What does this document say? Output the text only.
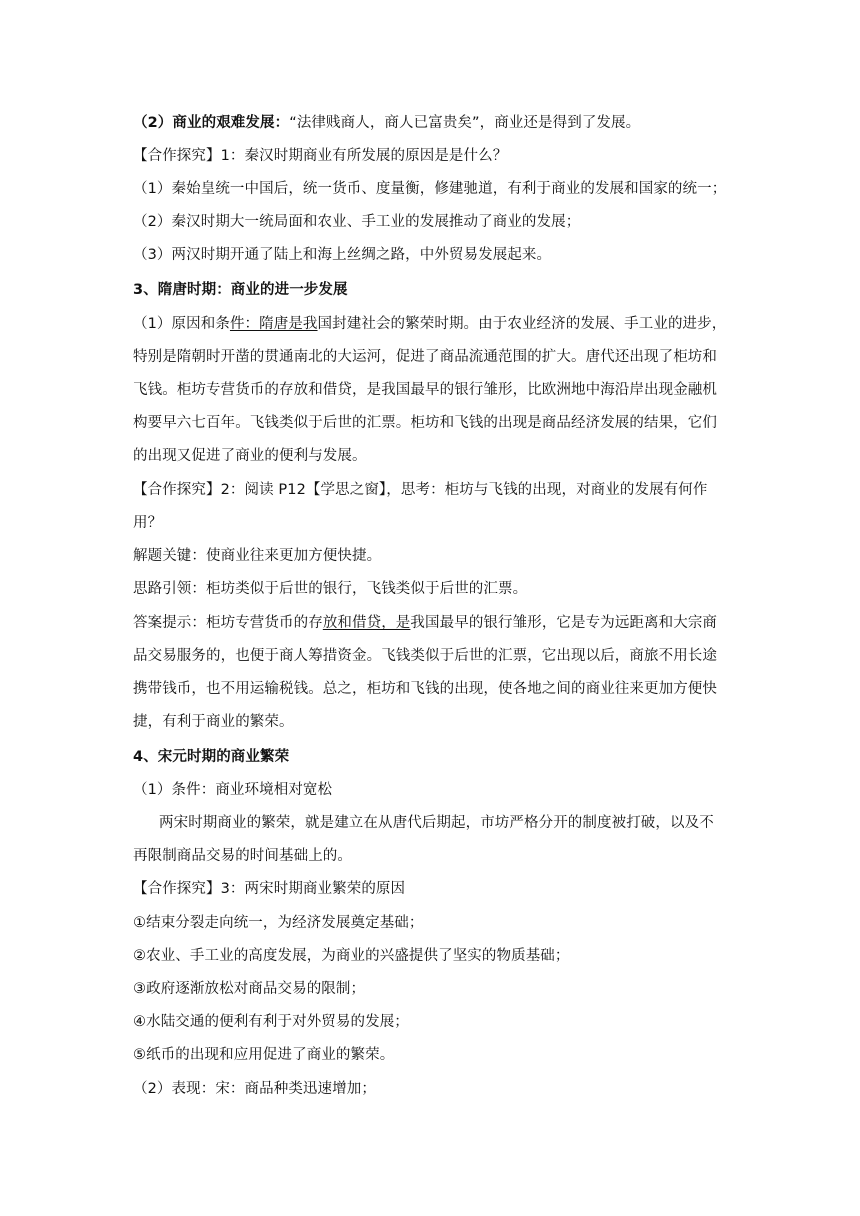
（2）商业的艰难发展：“法律贱商人，商人已富贵矣”，商业还是得到了发展。
【合作探究】1：秦汉时期商业有所发展的原因是是什么？
（1）秦始皇统一中国后，统一货币、度量衡，修建驰道，有利于商业的发展和国家的统一；
（2）秦汉时期大一统局面和农业、手工业的发展推动了商业的发展；
（3）两汉时期开通了陆上和海上丝绸之路，中外贸易发展起来。
3、隋唐时期：商业的进一步发展
（1）原因和条件：隋唐是我国封建社会的繁荣时期。由于农业经济的发展、手工业的进步，
特别是隋朝时开凿的贯通南北的大运河，促进了商品流通范围的扩大。唐代还出现了柜坊和
飞钱。柜坊专营货币的存放和借贷，是我国最早的银行雏形，比欧洲地中海沿岸出现金融机
构要早六七百年。飞钱类似于后世的汇票。柜坊和飞钱的出现是商品经济发展的结果，它们
的出现又促进了商业的便利与发展。
【合作探究】2：阅读 P12【学思之窗】，思考：柜坊与飞钱的出现，对商业的发展有何作
用？
解题关键：使商业往来更加方便快捷。
思路引领：柜坊类似于后世的银行，飞钱类似于后世的汇票。
答案提示：柜坊专营货币的存放和借贷，是我国最早的银行雏形，它是专为远距离和大宗商
品交易服务的，也便于商人筹措资金。飞钱类似于后世的汇票，它出现以后，商旅不用长途
携带钱币，也不用运输税钱。总之，柜坊和飞钱的出现，使各地之间的商业往来更加方便快
捷，有利于商业的繁荣。
4、宋元时期的商业繁荣
（1）条件：商业环境相对宽松
两宋时期商业的繁荣，就是建立在从唐代后期起，市坊严格分开的制度被打破，以及不
再限制商品交易的时间基础上的。
【合作探究】3：两宋时期商业繁荣的原因
①结束分裂走向统一，为经济发展奠定基础；
②农业、手工业的高度发展，为商业的兴盛提供了坚实的物质基础；
③政府逐渐放松对商品交易的限制；
④水陆交通的便利有利于对外贸易的发展；
⑤纸币的出现和应用促进了商业的繁荣。
（2）表现：宋：商品种类迅速增加；
